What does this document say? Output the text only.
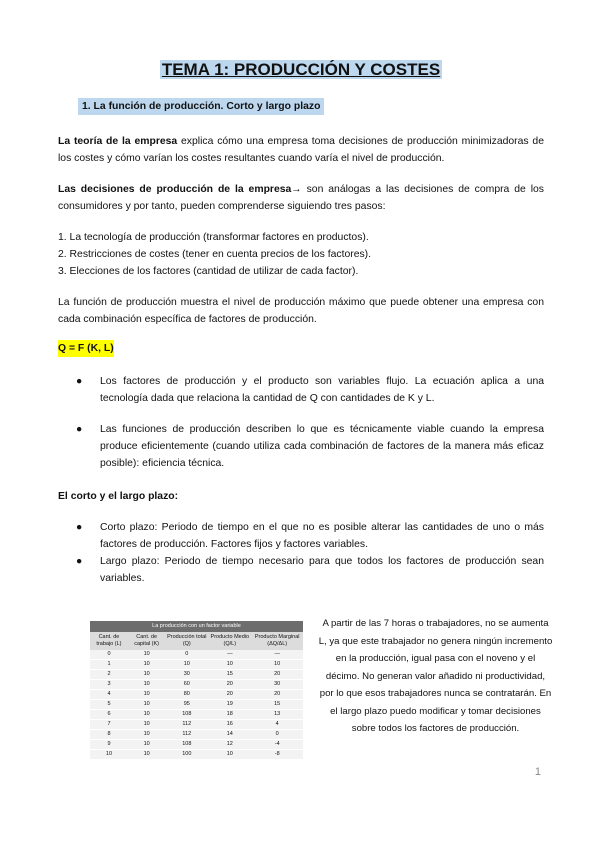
TEMA 1: PRODUCCIÓN Y COSTES
1. La función de producción. Corto y largo plazo
La teoría de la empresa explica cómo una empresa toma decisiones de producción minimizadoras de los costes y cómo varían los costes resultantes cuando varía el nivel de producción.
Las decisiones de producción de la empresa→ son análogas a las decisiones de compra de los consumidores y por tanto, pueden comprenderse siguiendo tres pasos:
1. La tecnología de producción (transformar factores en productos).
2. Restricciones de costes (tener en cuenta precios de los factores).
3. Elecciones de los factores (cantidad de utilizar de cada factor).
La función de producción muestra el nivel de producción máximo que puede obtener una empresa con cada combinación específica de factores de producción.
Q = F (K, L)
● Los factores de producción y el producto son variables flujo. La ecuación aplica a una tecnología dada que relaciona la cantidad de Q con cantidades de K y L.
● Las funciones de producción describen lo que es técnicamente viable cuando la empresa produce eficientemente (cuando utiliza cada combinación de factores de la manera más eficaz posible): eficiencia técnica.
El corto y el largo plazo:
● Corto plazo: Periodo de tiempo en el que no es posible alterar las cantidades de uno o más factores de producción. Factores fijos y factores variables.
● Largo plazo: Periodo de tiempo necesario para que todos los factores de producción sean variables.
La producción con un factor variable				
Cant. de trabajo (L)	Cant. de capital (K)	Producción total (Q)	Producto Medio (Q/L)	Producto Marginal (ΔQ/ΔL)
0	10	0	—	—
1	10	10	10	10
2	10	30	15	20
3	10	60	20	30
4	10	80	20	20
5	10	95	19	15
6	10	108	18	13
7	10	112	16	4
8	10	112	14	0
9	10	108	12	-4
10	10	100	10	-8
A partir de las 7 horas o trabajadores, no se aumenta L, ya que este trabajador no genera ningún incremento en la producción, igual pasa con el noveno y el décimo. No generan valor añadido ni productividad, por lo que esos trabajadores nunca se contratarán. En el largo plazo puedo modificar y tomar decisiones sobre todos los factores de producción.
1
